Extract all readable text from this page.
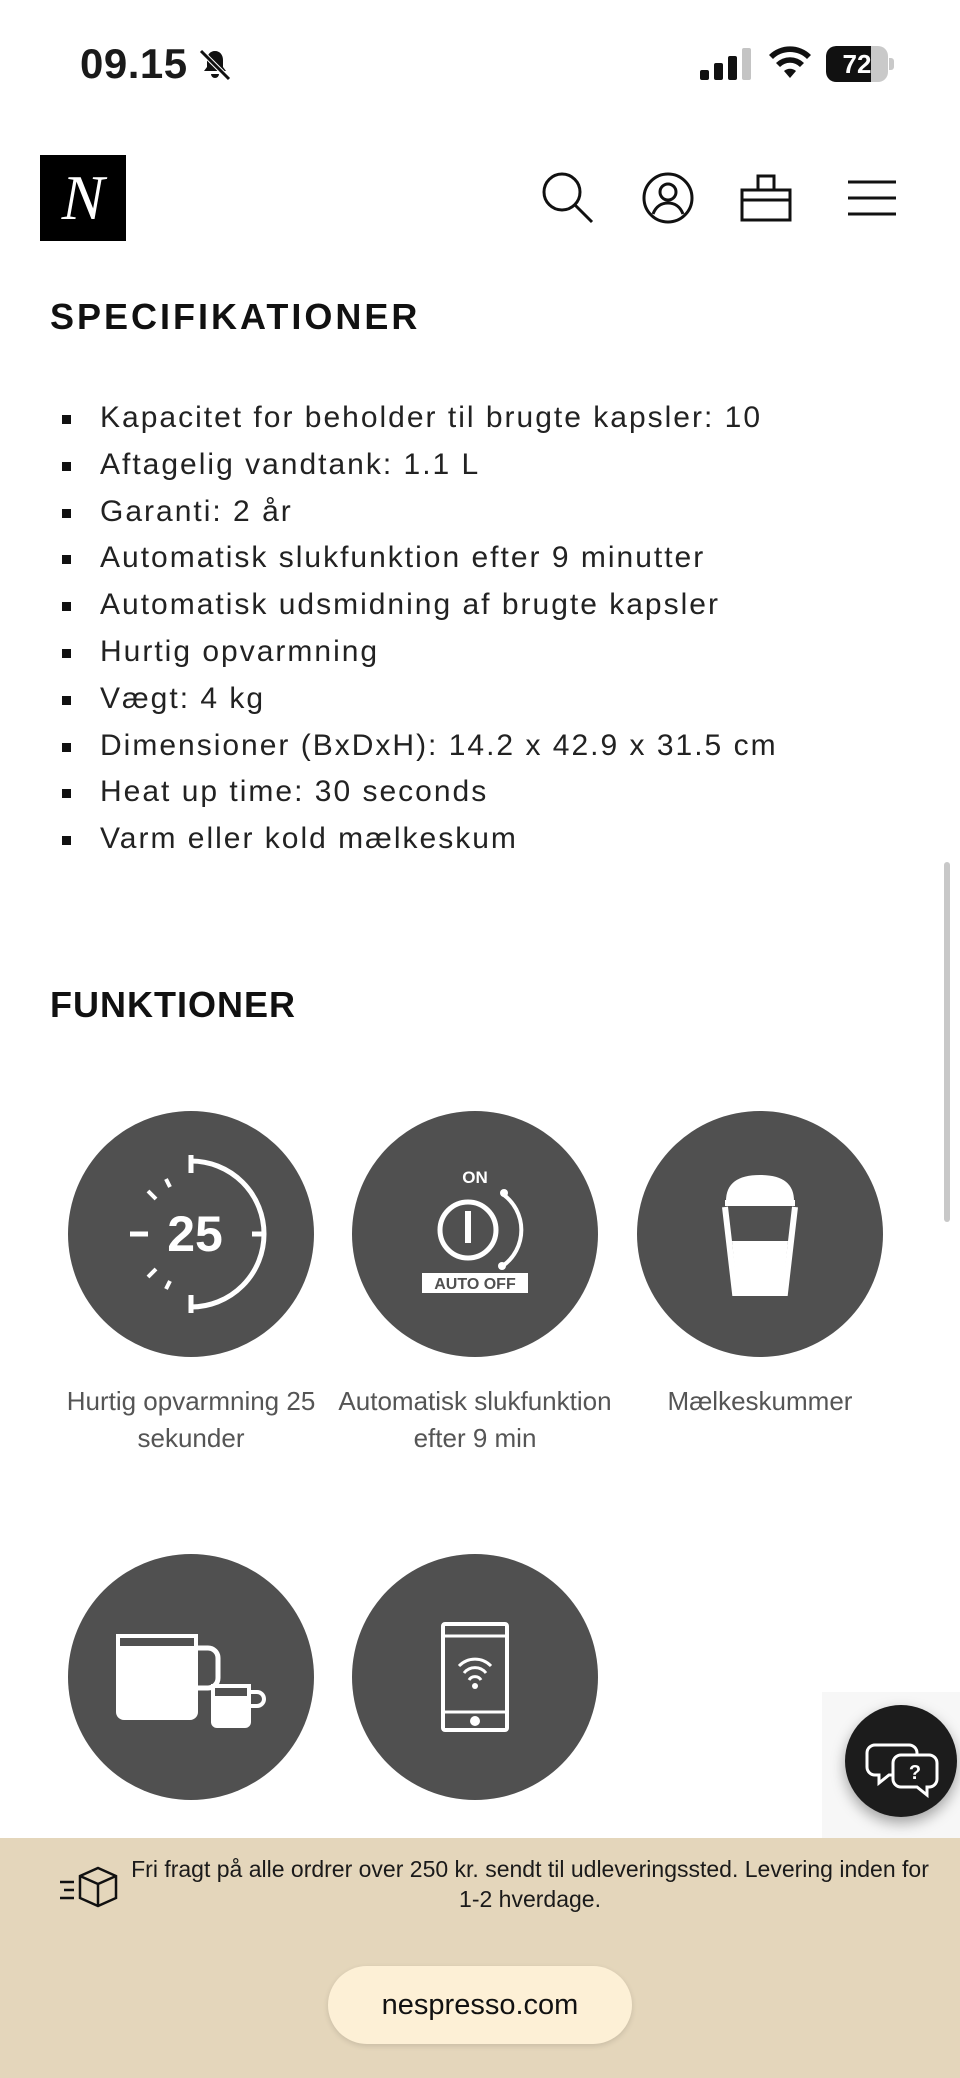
09.15	72
N
SPECIFIKATIONER
Kapacitet for beholder til brugte kapsler: 10
Aftagelig vandtank: 1.1 L
Garanti: 2 år
Automatisk slukfunktion efter 9 minutter
Automatisk udsmidning af brugte kapsler
Hurtig opvarmning
Vægt: 4 kg
Dimensioner (BxDxH): 14.2 x 42.9 x 31.5 cm
Heat up time: 30 seconds
Varm eller kold mælkeskum
FUNKTIONER
25
Hurtig opvarmning 25 sekunder
ON
AUTO OFF
Automatisk slukfunktion efter 9 min
Mælkeskummer
?
Fri fragt på alle ordrer over 250 kr. sendt til udleveringssted. Levering inden for 1-2 hverdage.
nespresso.com
